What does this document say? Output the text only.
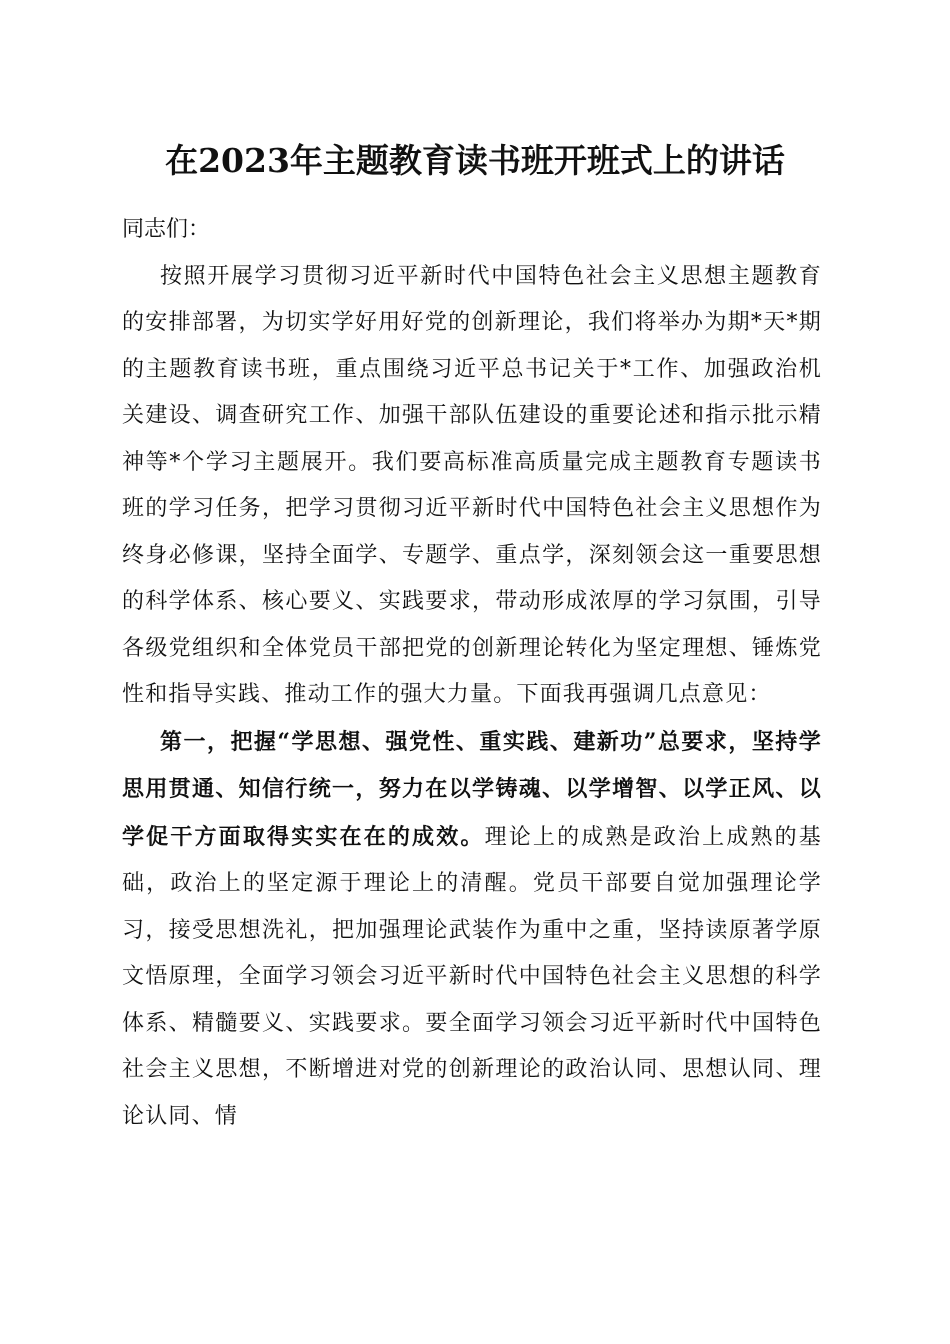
在2023年主题教育读书班开班式上的讲话

同志们：

按照开展学习贯彻习近平新时代中国特色社会主义思想主题教育的安排部署，为切实学好用好党的创新理论，我们将举办为期*天*期的主题教育读书班，重点围绕习近平总书记关于*工作、加强政治机关建设、调查研究工作、加强干部队伍建设的重要论述和指示批示精神等*个学习主题展开。我们要高标准高质量完成主题教育专题读书班的学习任务，把学习贯彻习近平新时代中国特色社会主义思想作为终身必修课，坚持全面学、专题学、重点学，深刻领会这一重要思想的科学体系、核心要义、实践要求，带动形成浓厚的学习氛围，引导各级党组织和全体党员干部把党的创新理论转化为坚定理想、锤炼党性和指导实践、推动工作的强大力量。下面我再强调几点意见：

第一，把握“学思想、强党性、重实践、建新功”总要求，坚持学思用贯通、知信行统一，努力在以学铸魂、以学增智、以学正风、以学促干方面取得实实在在的成效。理论上的成熟是政治上成熟的基础，政治上的坚定源于理论上的清醒。党员干部要自觉加强理论学习，接受思想洗礼，把加强理论武装作为重中之重，坚持读原著学原文悟原理，全面学习领会习近平新时代中国特色社会主义思想的科学体系、精髓要义、实践要求。要全面学习领会习近平新时代中国特色社会主义思想，不断增进对党的创新理论的政治认同、思想认同、理论认同、情
